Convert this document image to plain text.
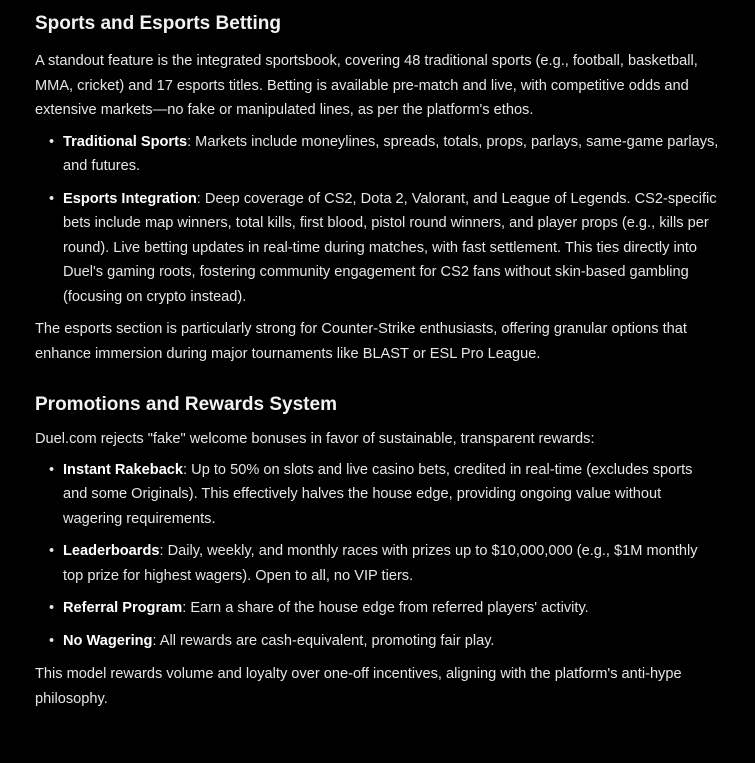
Sports and Esports Betting

A standout feature is the integrated sportsbook, covering 48 traditional sports (e.g., football, basketball, MMA, cricket) and 17 esports titles. Betting is available pre-match and live, with competitive odds and extensive markets—no fake or manipulated lines, as per the platform's ethos.

• Traditional Sports: Markets include moneylines, spreads, totals, props, parlays, same-game parlays, and futures.
• Esports Integration: Deep coverage of CS2, Dota 2, Valorant, and League of Legends. CS2-specific bets include map winners, total kills, first blood, pistol round winners, and player props (e.g., kills per round). Live betting updates in real-time during matches, with fast settlement. This ties directly into Duel's gaming roots, fostering community engagement for CS2 fans without skin-based gambling (focusing on crypto instead).

The esports section is particularly strong for Counter-Strike enthusiasts, offering granular options that enhance immersion during major tournaments like BLAST or ESL Pro League.

Promotions and Rewards System

Duel.com rejects "fake" welcome bonuses in favor of sustainable, transparent rewards:

• Instant Rakeback: Up to 50% on slots and live casino bets, credited in real-time (excludes sports and some Originals). This effectively halves the house edge, providing ongoing value without wagering requirements.
• Leaderboards: Daily, weekly, and monthly races with prizes up to $10,000,000 (e.g., $1M monthly top prize for highest wagers). Open to all, no VIP tiers.
• Referral Program: Earn a share of the house edge from referred players' activity.
• No Wagering: All rewards are cash-equivalent, promoting fair play.

This model rewards volume and loyalty over one-off incentives, aligning with the platform's anti-hype philosophy.
